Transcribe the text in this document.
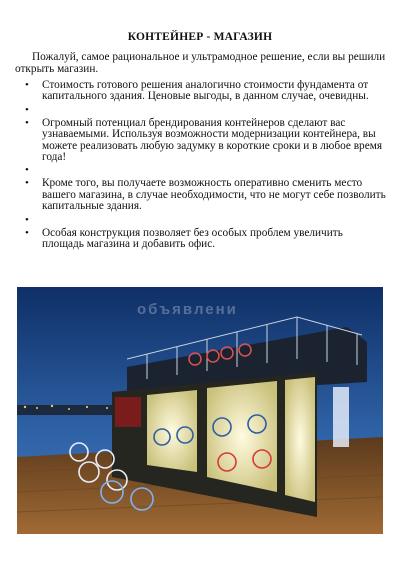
КОНТЕЙНЕР - МАГАЗИН
Пожалуй, самое рациональное и ультрамодное решение, если вы решили открыть магазин.
• Стоимость готового решения аналогично стоимости фундамента от капитального здания. Ценовые выгоды, в данном случае, очевидны.
•
• Огромный потенциал брендирования контейнеров сделают вас узнаваемыми. Используя возможности модернизации контейнера, вы можете реализовать любую задумку в короткие сроки и в любое время года!
•
• Кроме того, вы получаете возможность оперативно сменить место вашего магазина, в случае необходимости, что не могут себе позволить капитальные здания.
•
• Особая конструкция позволяет без особых проблем увеличить площадь магазина и добавить офис.
объявлени
